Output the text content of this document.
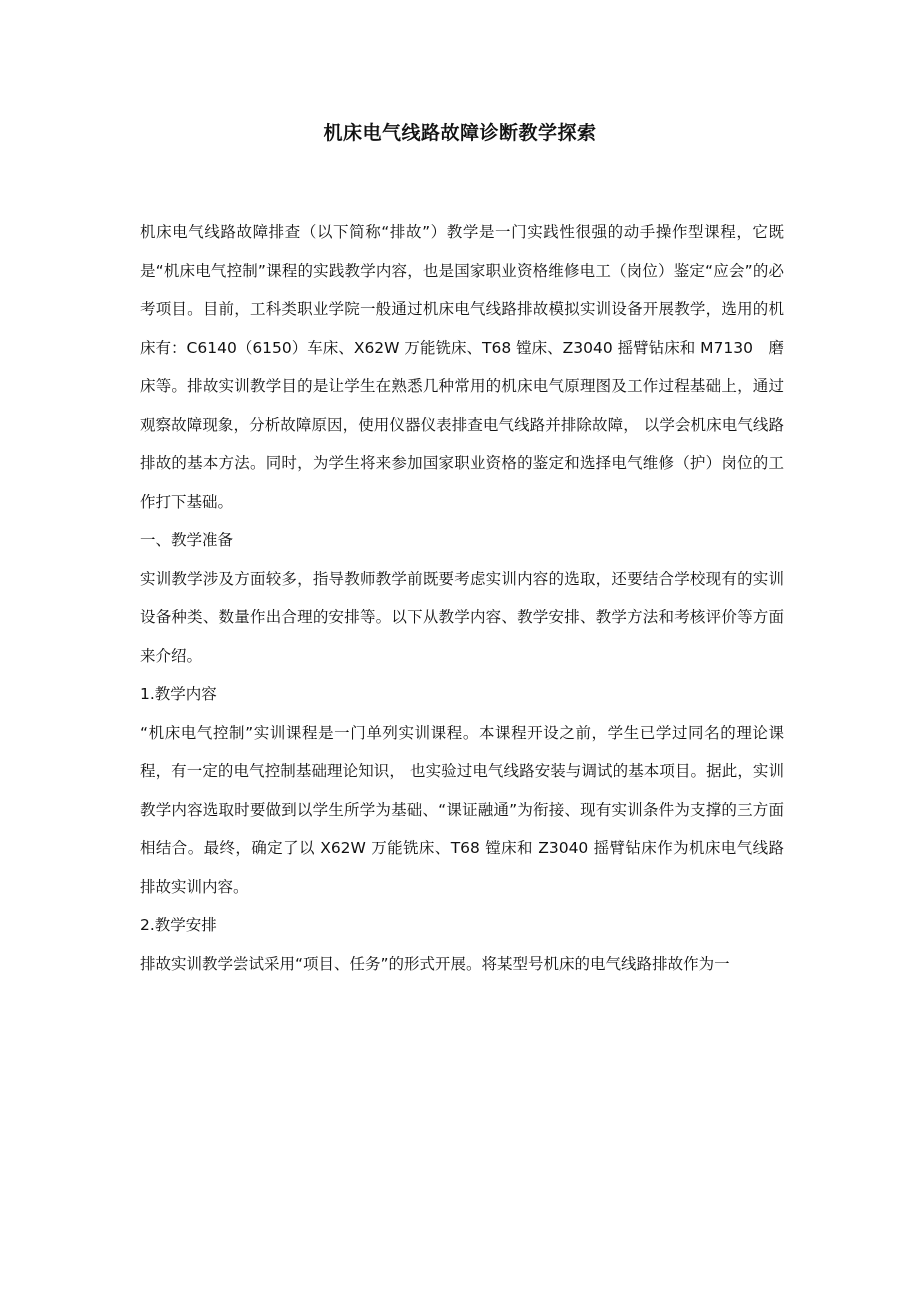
机床电气线路故障诊断教学探索

机床电气线路故障排查（以下简称“排故”）教学是一门实践性很强的动手操作型课程，它既是“机床电气控制”课程的实践教学内容，也是国家职业资格维修电工（岗位）鉴定“应会”的必考项目。目前，工科类职业学院一般通过机床电气线路排故模拟实训设备开展教学，选用的机床有：C6140（6150）车床、X62W 万能铣床、T68 镗床、Z3040 摇臂钻床和 M7130　磨床等。排故实训教学目的是让学生在熟悉几种常用的机床电气原理图及工作过程基础上，通过观察故障现象，分析故障原因，使用仪器仪表排查电气线路并排除故障， 以学会机床电气线路排故的基本方法。同时，为学生将来参加国家职业资格的鉴定和选择电气维修（护）岗位的工作打下基础。

一、教学准备

实训教学涉及方面较多，指导教师教学前既要考虑实训内容的选取，还要结合学校现有的实训设备种类、数量作出合理的安排等。以下从教学内容、教学安排、教学方法和考核评价等方面来介绍。

1.教学内容

“机床电气控制”实训课程是一门单列实训课程。本课程开设之前，学生已学过同名的理论课程，有一定的电气控制基础理论知识， 也实验过电气线路安装与调试的基本项目。据此，实训教学内容选取时要做到以学生所学为基础、“课证融通”为衔接、现有实训条件为支撑的三方面相结合。最终，确定了以 X62W 万能铣床、T68 镗床和 Z3040 摇臂钻床作为机床电气线路排故实训内容。

2.教学安排

排故实训教学尝试采用“项目、任务”的形式开展。将某型号机床的电气线路排故作为一
